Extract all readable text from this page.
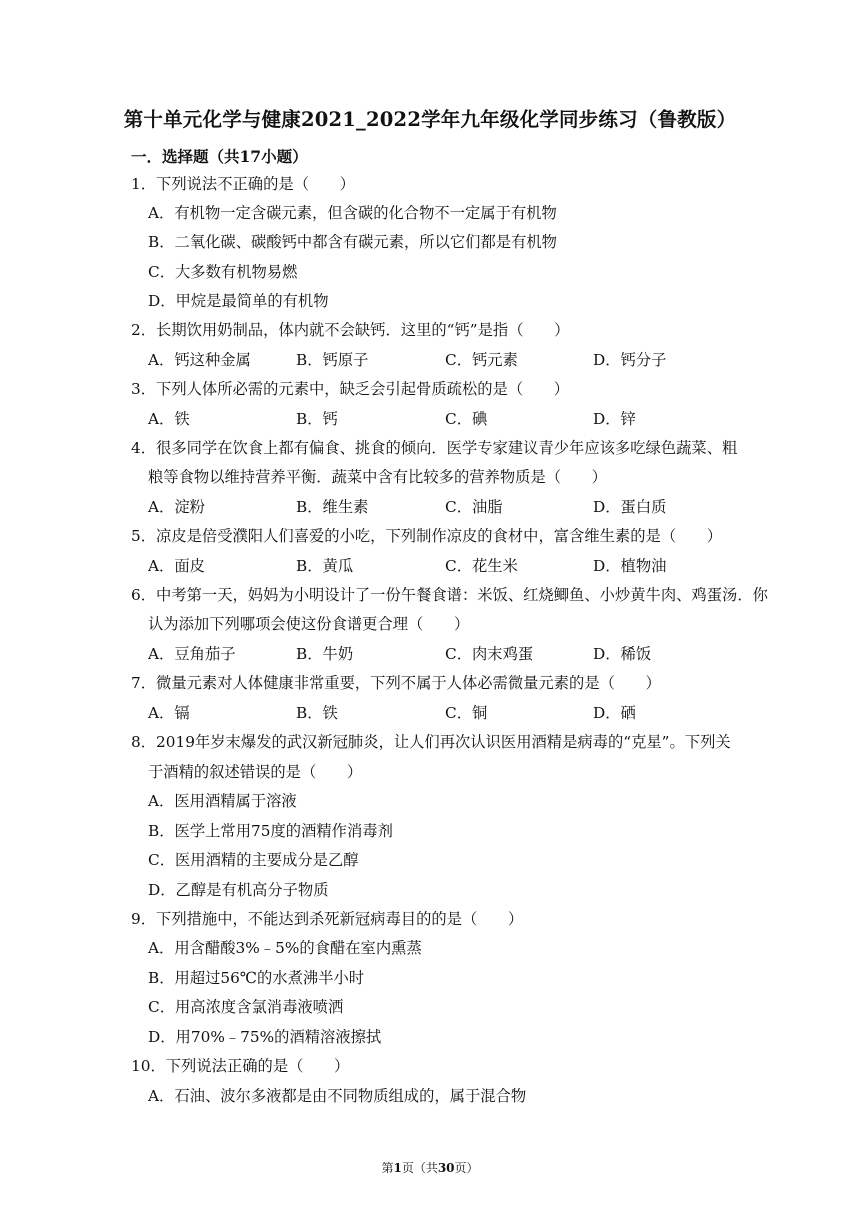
第十单元化学与健康2021_2022学年九年级化学同步练习（鲁教版）
一．选择题（共17小题）
1．下列说法不正确的是（　　）
A．有机物一定含碳元素，但含碳的化合物不一定属于有机物
B．二氧化碳、碳酸钙中都含有碳元素，所以它们都是有机物
C．大多数有机物易燃
D．甲烷是最简单的有机物
2．长期饮用奶制品，体内就不会缺钙．这里的“钙”是指（　　）
A．钙这种金属	B．钙原子	C．钙元素	D．钙分子
3．下列人体所必需的元素中，缺乏会引起骨质疏松的是（　　）
A．铁	B．钙	C．碘	D．锌
4．很多同学在饮食上都有偏食、挑食的倾向．医学专家建议青少年应该多吃绿色蔬菜、粗
粮等食物以维持营养平衡．蔬菜中含有比较多的营养物质是（　　）
A．淀粉	B．维生素	C．油脂	D．蛋白质
5．凉皮是倍受濮阳人们喜爱的小吃，下列制作凉皮的食材中，富含维生素的是（　　）
A．面皮	B．黄瓜	C．花生米	D．植物油
6．中考第一天，妈妈为小明设计了一份午餐食谱：米饭、红烧鲫鱼、小炒黄牛肉、鸡蛋汤．你
认为添加下列哪项会使这份食谱更合理（　　）
A．豆角茄子	B．牛奶	C．肉末鸡蛋	D．稀饭
7．微量元素对人体健康非常重要，下列不属于人体必需微量元素的是（　　）
A．镉	B．铁	C．铜	D．硒
8．2019年岁末爆发的武汉新冠肺炎，让人们再次认识医用酒精是病毒的“克星”。下列关
于酒精的叙述错误的是（　　）
A．医用酒精属于溶液
B．医学上常用75度的酒精作消毒剂
C．医用酒精的主要成分是乙醇
D．乙醇是有机高分子物质
9．下列措施中，不能达到杀死新冠病毒目的的是（　　）
A．用含醋酸3%﹣5%的食醋在室内熏蒸
B．用超过56℃的水煮沸半小时
C．用高浓度含氯消毒液喷洒
D．用70%﹣75%的酒精溶液擦拭
10．下列说法正确的是（　　）
A．石油、波尔多液都是由不同物质组成的，属于混合物
第1页（共30页）
